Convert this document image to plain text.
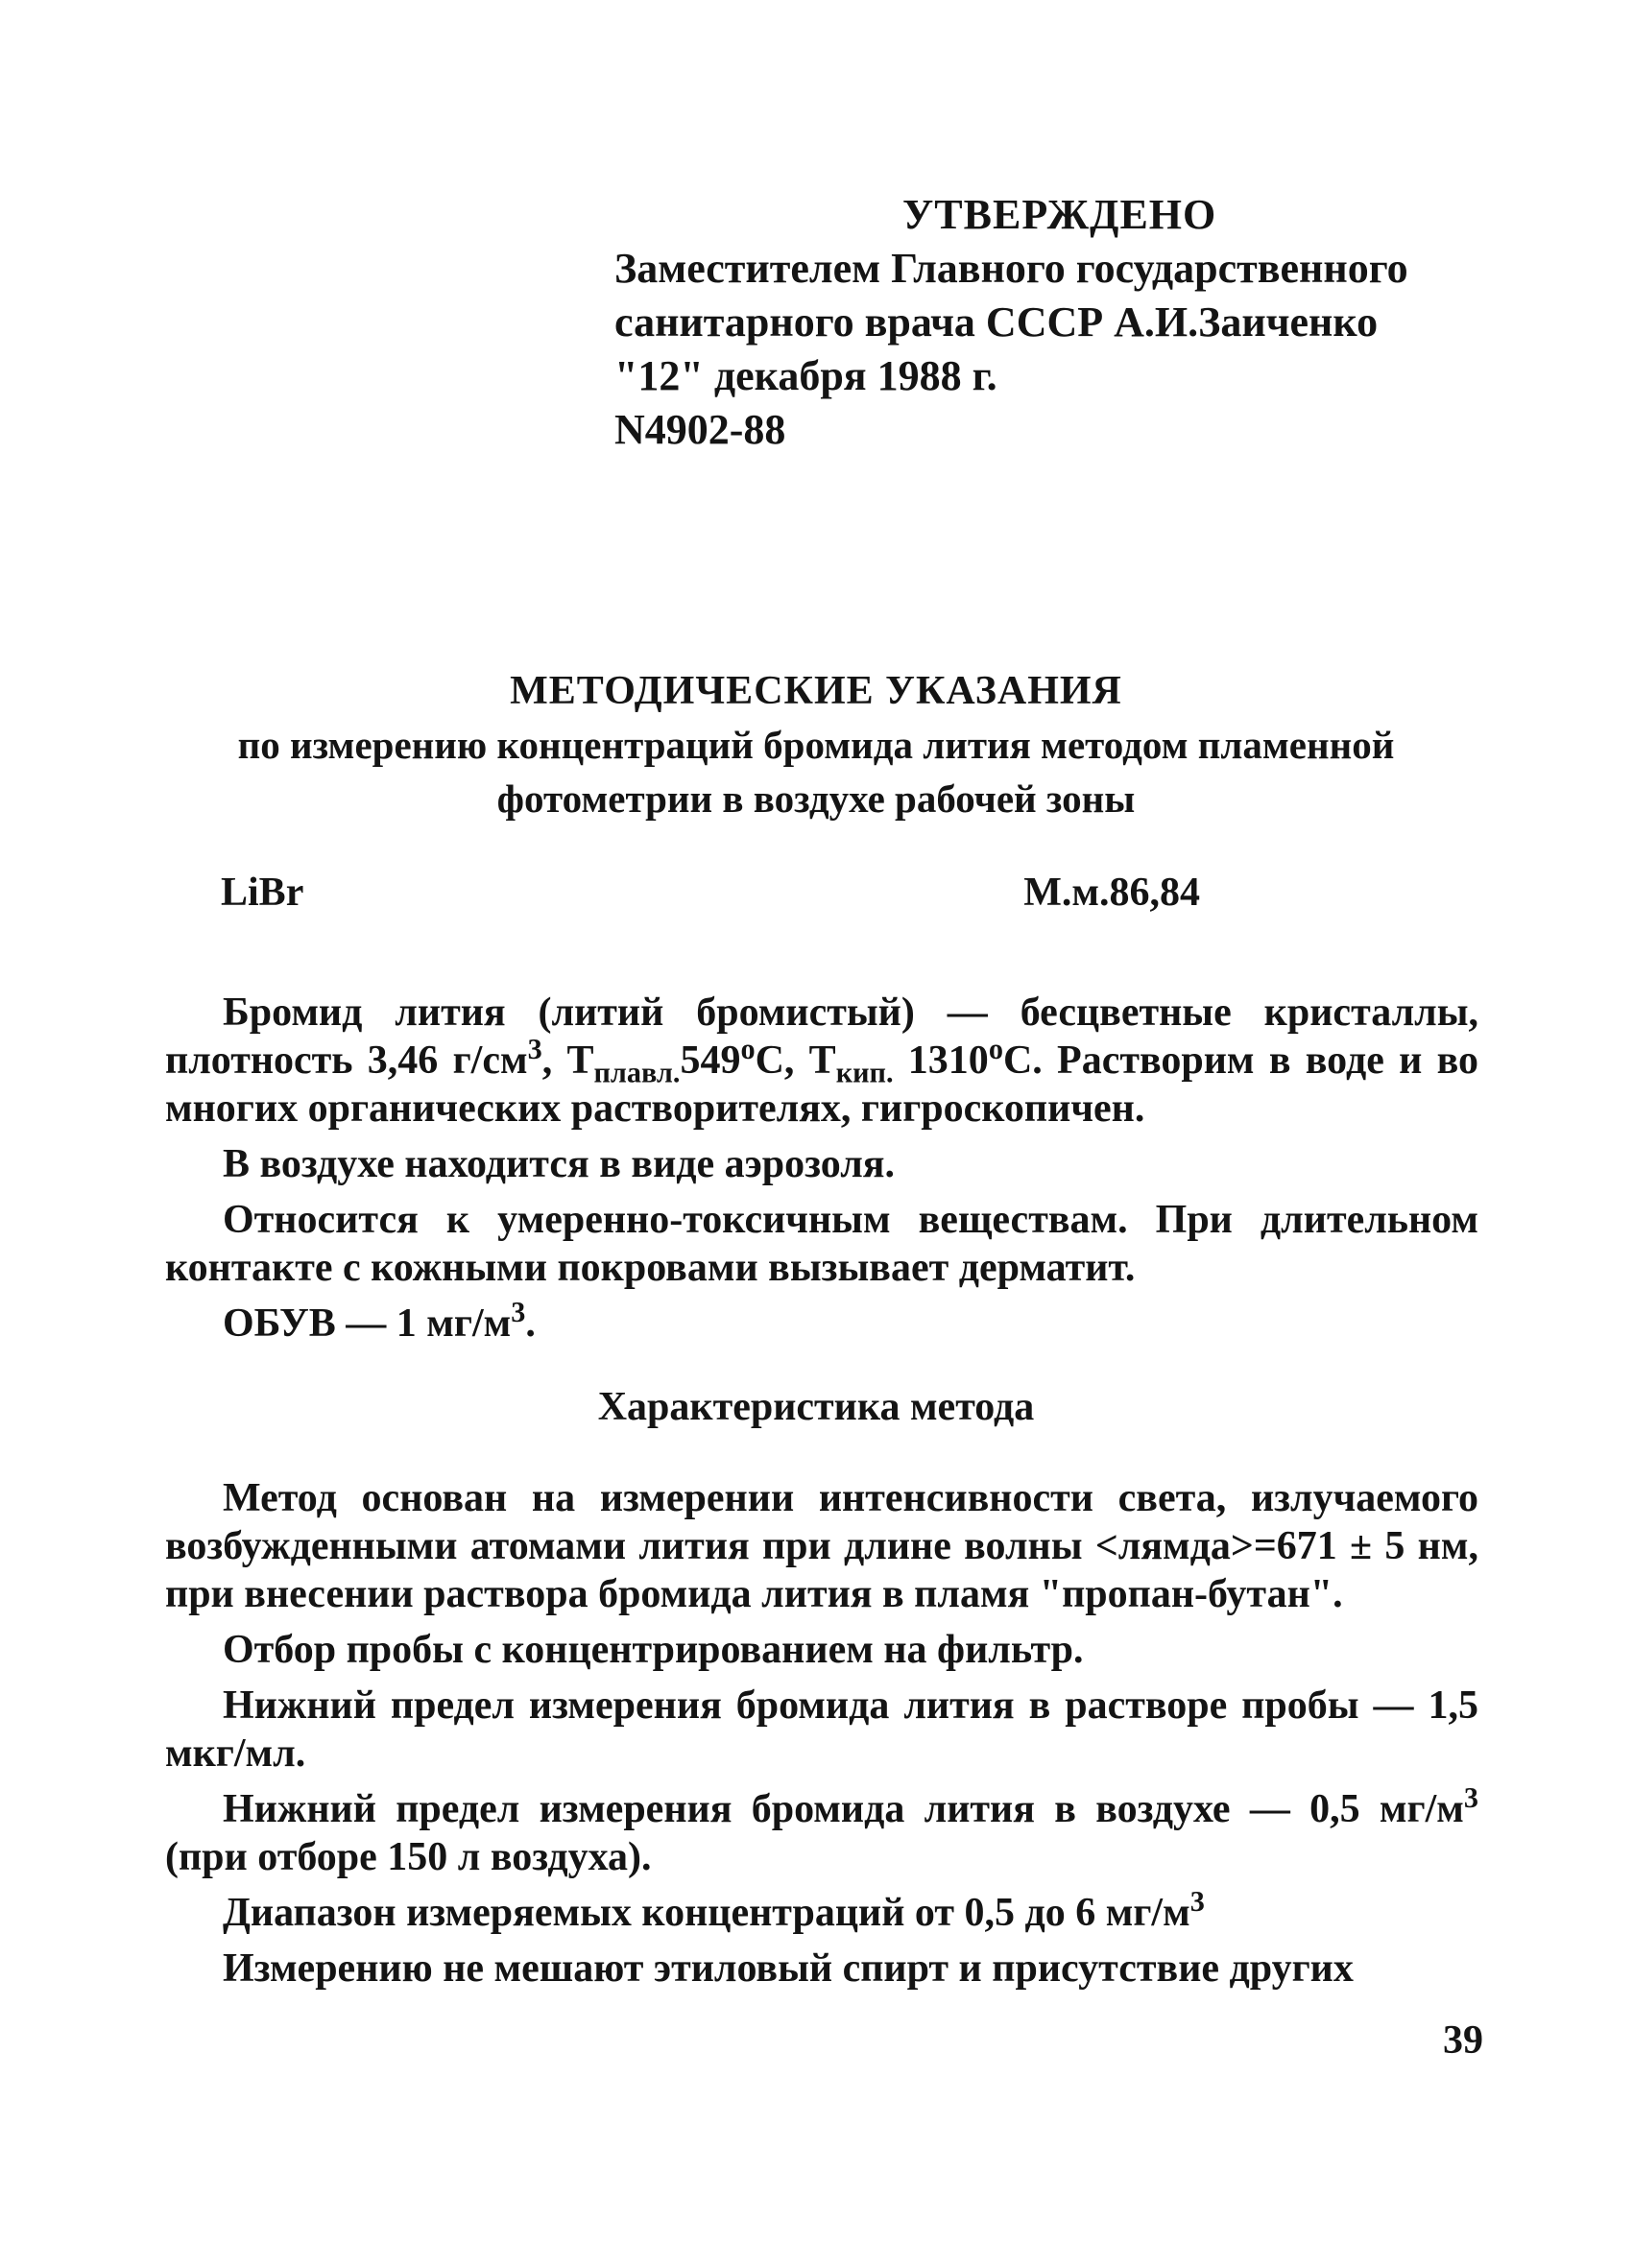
УТВЕРЖДЕНО
Заместителем Главного государственного
санитарного врача СССР А.И.Заиченко
"12" декабря 1988 г.
N4902-88
МЕТОДИЧЕСКИЕ УКАЗАНИЯ
по измерению концентраций бромида лития методом пламенной
фотометрии в воздухе рабочей зоны
LiBr	М.м.86,84

Бромид лития (литий бромистый) — бесцветные кристаллы, плотность 3,46 $г/см^3$, $Т_{плавл.}549^оС$, $Т_{кип.}$ $1310^оС$. Растворим в воде и во многих органических растворителях, гигроскопичен.

В воздухе находится в виде аэрозоля.

Относится к умеренно-токсичным веществам. При длительном контакте с кожными покровами вызывает дерматит.

ОБУВ — 1 $мг/м^3$.

Характеристика метода

Метод основан на измерении интенсивности света, излучаемого возбужденными атомами лития при длине волны <лямда>=671 ± 5 нм, при внесении раствора бромида лития в пламя "пропан-бутан".

Отбор пробы с концентрированием на фильтр.

Нижний предел измерения бромида лития в растворе пробы — 1,5 мкг/мл.

Нижний предел измерения бромида лития в воздухе — 0,5 $мг/м^3$ (при отборе 150 л воздуха).

Диапазон измеряемых концентраций от 0,5 до 6 $мг/м^3$

Измерению не мешают этиловый спирт и присутствие других

39
